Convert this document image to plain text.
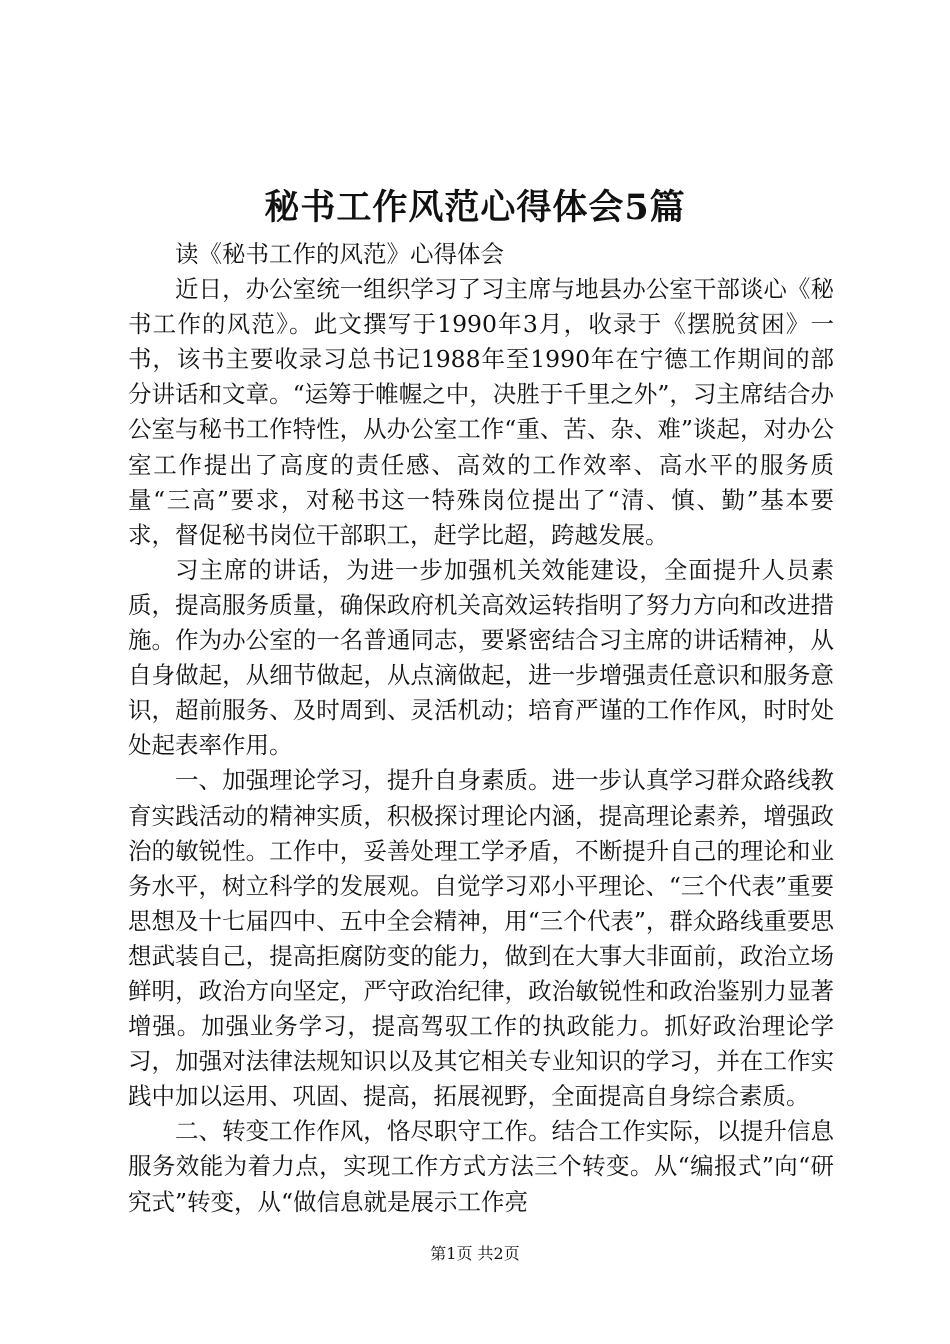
秘书工作风范心得体会5篇

读《秘书工作的风范》心得体会

近日，办公室统一组织学习了习主席与地县办公室干部谈心《秘书工作的风范》。此文撰写于1990年3月，收录于《摆脱贫困》一书，该书主要收录习总书记1988年至1990年在宁德工作期间的部分讲话和文章。“运筹于帷幄之中，决胜于千里之外”，习主席结合办公室与秘书工作特性，从办公室工作“重、苦、杂、难”谈起，对办公室工作提出了高度的责任感、高效的工作效率、高水平的服务质量“三高”要求，对秘书这一特殊岗位提出了“清、慎、勤”基本要求，督促秘书岗位干部职工，赶学比超，跨越发展。

习主席的讲话，为进一步加强机关效能建设，全面提升人员素质，提高服务质量，确保政府机关高效运转指明了努力方向和改进措施。作为办公室的一名普通同志，要紧密结合习主席的讲话精神，从自身做起，从细节做起，从点滴做起，进一步增强责任意识和服务意识，超前服务、及时周到、灵活机动；培育严谨的工作作风，时时处处起表率作用。

一、加强理论学习，提升自身素质。进一步认真学习群众路线教育实践活动的精神实质，积极探讨理论内涵，提高理论素养，增强政治的敏锐性。工作中，妥善处理工学矛盾，不断提升自己的理论和业务水平，树立科学的发展观。自觉学习邓小平理论、“三个代表”重要思想及十七届四中、五中全会精神，用“三个代表”，群众路线重要思想武装自己，提高拒腐防变的能力，做到在大事大非面前，政治立场鲜明，政治方向坚定，严守政治纪律，政治敏锐性和政治鉴别力显著增强。加强业务学习，提高驾驭工作的执政能力。抓好政治理论学习，加强对法律法规知识以及其它相关专业知识的学习，并在工作实践中加以运用、巩固、提高，拓展视野，全面提高自身综合素质。

二、转变工作作风，恪尽职守工作。结合工作实际，以提升信息服务效能为着力点，实现工作方式方法三个转变。从“编报式”向“研究式”转变，从“做信息就是展示工作亮

第1页 共2页
